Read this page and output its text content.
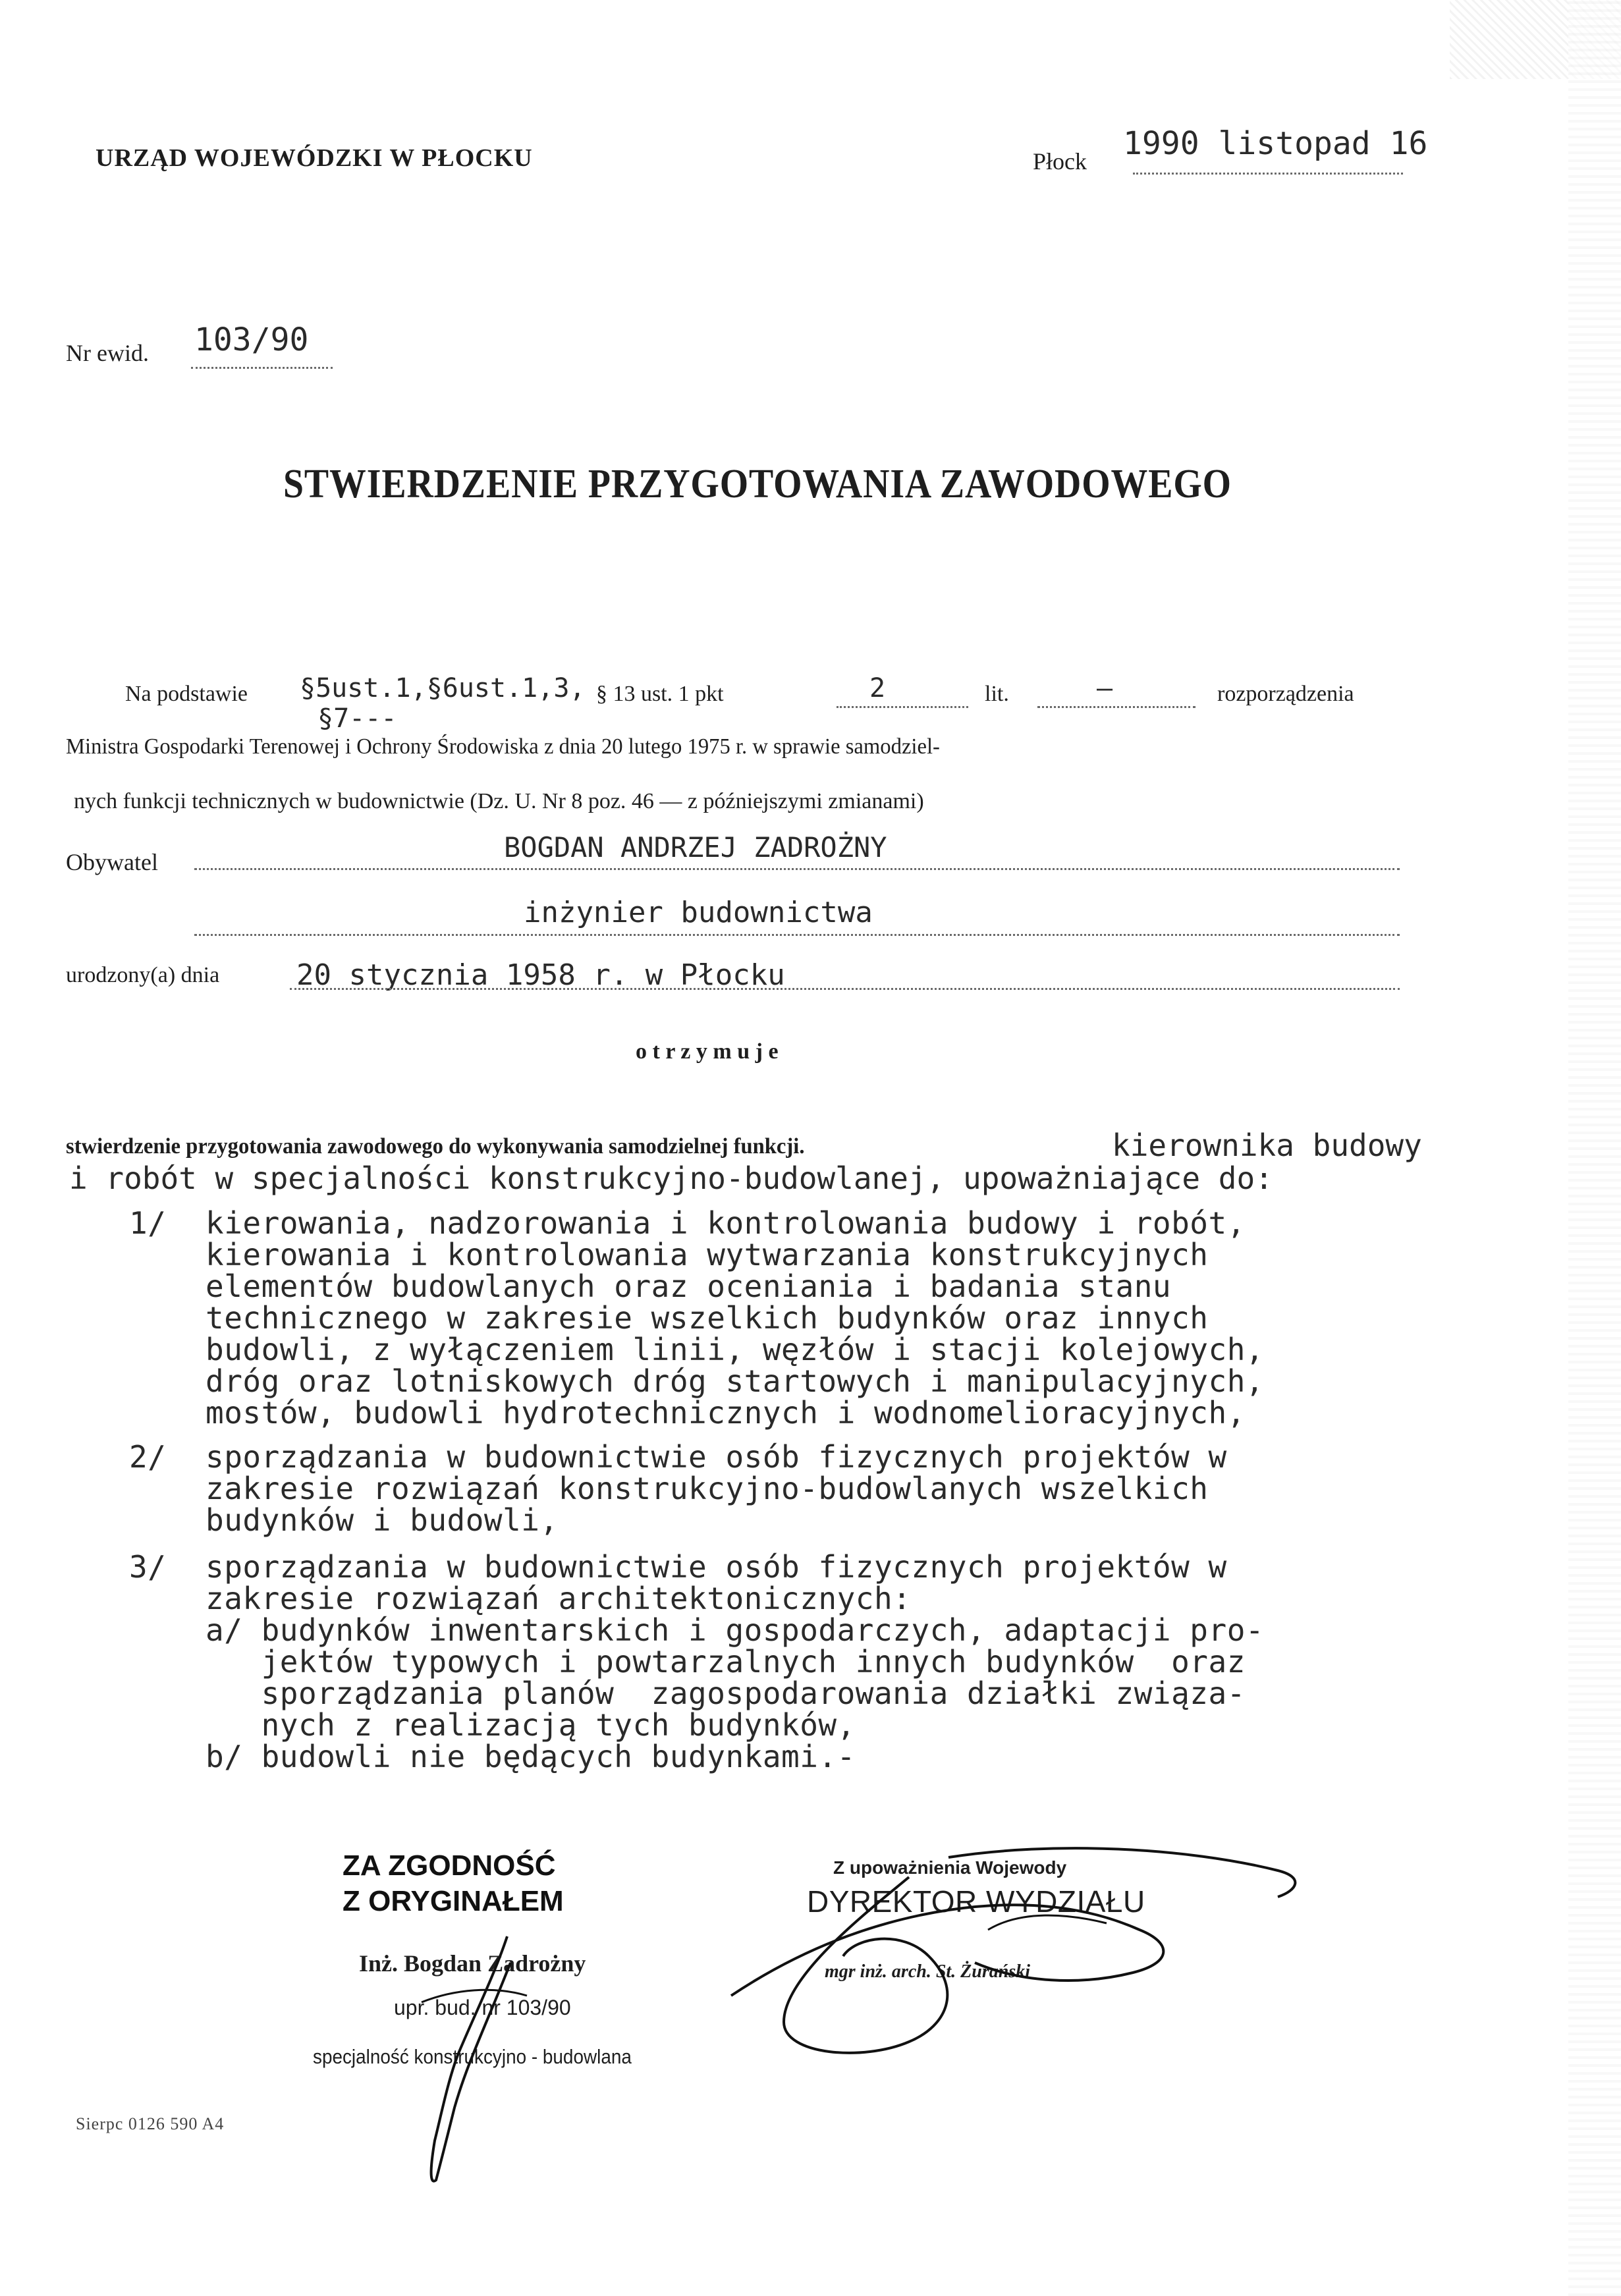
URZĄD WOJEWÓDZKI W PŁOCKU	Płock 1990 listopad 16
Nr ewid. 103/90
STWIERDZENIE PRZYGOTOWANIA ZAWODOWEGO
Na podstawie §5ust.1,§6ust.1,3,
§7---
§ 13 ust. 1 pkt	2	lit.	–	rozporządzenia
Ministra Gospodarki Terenowej i Ochrony Środowiska z dnia 20 lutego 1975 r. w sprawie samodziel-
nych funkcji technicznych w budownictwie (Dz. U. Nr 8 poz. 46 — z późniejszymi zmianami)
Obywatel	BOGDAN ANDRZEJ ZADROŻNY
inżynier budownictwa
urodzony(a) dnia	20 stycznia 1958 r. w Płocku
o t r z y m u j e
stwierdzenie przygotowania zawodowego do wykonywania samodzielnej funkcji.	kierownika budowy
i robót w specjalności konstrukcyjno-budowlanej, upoważniające do:
1/ kierowania, nadzorowania i kontrolowania budowy i robót,
kierowania i kontrolowania wytwarzania konstrukcyjnych
elementów budowlanych oraz oceniania i badania stanu
technicznego w zakresie wszelkich budynków oraz innych
budowli, z wyłączeniem linii, węzłów i stacji kolejowych,
dróg oraz lotniskowych dróg startowych i manipulacyjnych,
mostów, budowli hydrotechnicznych i wodnomelioracyjnych,
2/ sporządzania w budownictwie osób fizycznych projektów w
zakresie rozwiązań konstrukcyjno-budowlanych wszelkich
budynków i budowli,
3/ sporządzania w budownictwie osób fizycznych projektów w
zakresie rozwiązań architektonicznych:
a/ budynków inwentarskich i gospodarczych, adaptacji pro-
jektów typowych i powtarzalnych innych budynków  oraz
sporządzania planów  zagospodarowania działki związa-
nych z realizacją tych budynków,
b/ budowli nie będących budynkami.-
ZA ZGODNOŚĆ
Z ORYGINAŁEM
Inż. Bogdan Zadrożny
upr. bud. nr 103/90
specjalność konstrukcyjno - budowlana
Z upoważnienia Wojewody
DYREKTOR WYDZIAŁU
mgr inż. arch. St. Żurański
Sierpc 0126 590 A4
